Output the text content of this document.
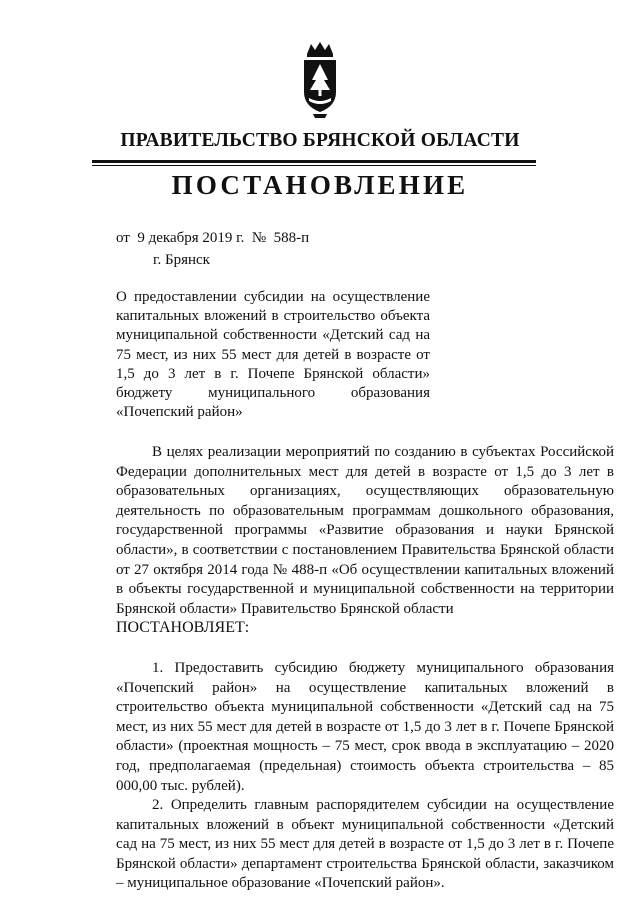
ПРАВИТЕЛЬСТВО БРЯНСКОЙ ОБЛАСТИ
ПОСТАНОВЛЕНИЕ
от  9 декабря 2019 г.  №  588-п
г. Брянск
О предоставлении субсидии на осуществление капитальных вложений в строительство объекта муниципальной собственности «Детский сад на 75 мест, из них 55 мест для детей в возрасте от 1,5 до 3 лет в г. Почепе Брянской области» бюджету муниципального образования «Почепский район»

В целях реализации мероприятий по созданию в субъектах Российской Федерации дополнительных мест для детей в возрасте от 1,5 до 3 лет в образовательных организациях, осуществляющих образовательную деятельность по образовательным программам дошкольного образования, государственной программы «Развитие образования и науки Брянской области», в соответствии с постановлением Правительства Брянской области от 27 октября 2014 года № 488-п «Об осуществлении капитальных вложений в объекты государственной и муниципальной собственности на территории Брянской области» Правительство Брянской области

ПОСТАНОВЛЯЕТ:

1. Предоставить субсидию бюджету муниципального образования «Почепский район» на осуществление капитальных вложений в строительство объекта муниципальной собственности «Детский сад на 75 мест, из них 55 мест для детей в возрасте от 1,5 до 3 лет в г. Почепе Брянской области» (проектная мощность – 75 мест, срок ввода в эксплуатацию – 2020 год, предполагаемая (предельная) стоимость объекта строительства – 85 000,00 тыс. рублей).

2. Определить главным распорядителем субсидии на осуществление капитальных вложений в объект муниципальной собственности «Детский сад на 75 мест, из них 55 мест для детей в возрасте от 1,5 до 3 лет в г. Почепе Брянской области» департамент строительства Брянской области, заказчиком – муниципальное образование «Почепский район».
